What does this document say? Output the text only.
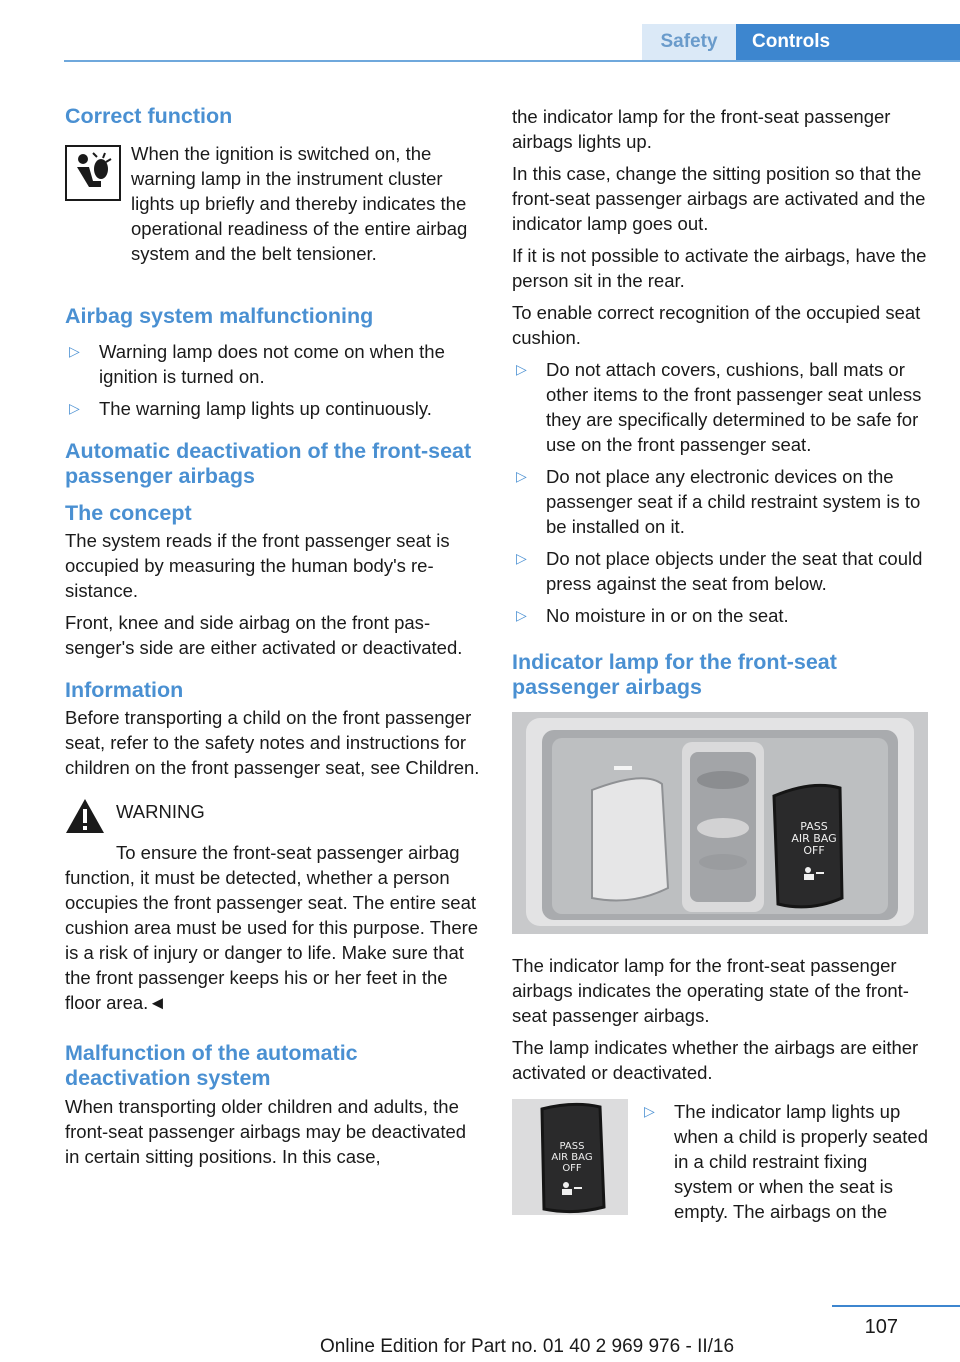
Safety	Controls
Correct function
When the ignition is switched on, the warning lamp in the instrument cluster lights up briefly and thereby indicates the operational readiness of the entire airbag system and the belt tensioner.
Airbag system malfunctioning
▷ Warning lamp does not come on when the ignition is turned on.
▷ The warning lamp lights up continuously.
Automatic deactivation of the front-seat passenger airbags
The concept
The system reads if the front passenger seat is occupied by measuring the human body's resistance.
Front, knee and side airbag on the front passenger's side are either activated or deactivated.
Information
Before transporting a child on the front passenger seat, refer to the safety notes and instructions for children on the front passenger seat, see Children.
WARNING
To ensure the front-seat passenger airbag function, it must be detected, whether a person occupies the front passenger seat. The entire seat cushion area must be used for this purpose. There is a risk of injury or danger to life. Make sure that the front passenger keeps his or her feet in the floor area.◄
Malfunction of the automatic deactivation system
When transporting older children and adults, the front-seat passenger airbags may be deactivated in certain sitting positions. In this case,
the indicator lamp for the front-seat passenger airbags lights up.
In this case, change the sitting position so that the front-seat passenger airbags are activated and the indicator lamp goes out.
If it is not possible to activate the airbags, have the person sit in the rear.
To enable correct recognition of the occupied seat cushion.
▷ Do not attach covers, cushions, ball mats or other items to the front passenger seat unless they are specifically determined to be safe for use on the front passenger seat.
▷ Do not place any electronic devices on the passenger seat if a child restraint system is to be installed on it.
▷ Do not place objects under the seat that could press against the seat from below.
▷ No moisture in or on the seat.
Indicator lamp for the front-seat passenger airbags
PASS
AIR BAG
OFF
The indicator lamp for the front-seat passenger airbags indicates the operating state of the front-seat passenger airbags.
The lamp indicates whether the airbags are either activated or deactivated.
PASS
AIR BAG
OFF
▷ The indicator lamp lights up when a child is properly seated in a child restraint fixing system or when the seat is empty. The airbags on the
107
Online Edition for Part no. 01 40 2 969 976 - II/16
